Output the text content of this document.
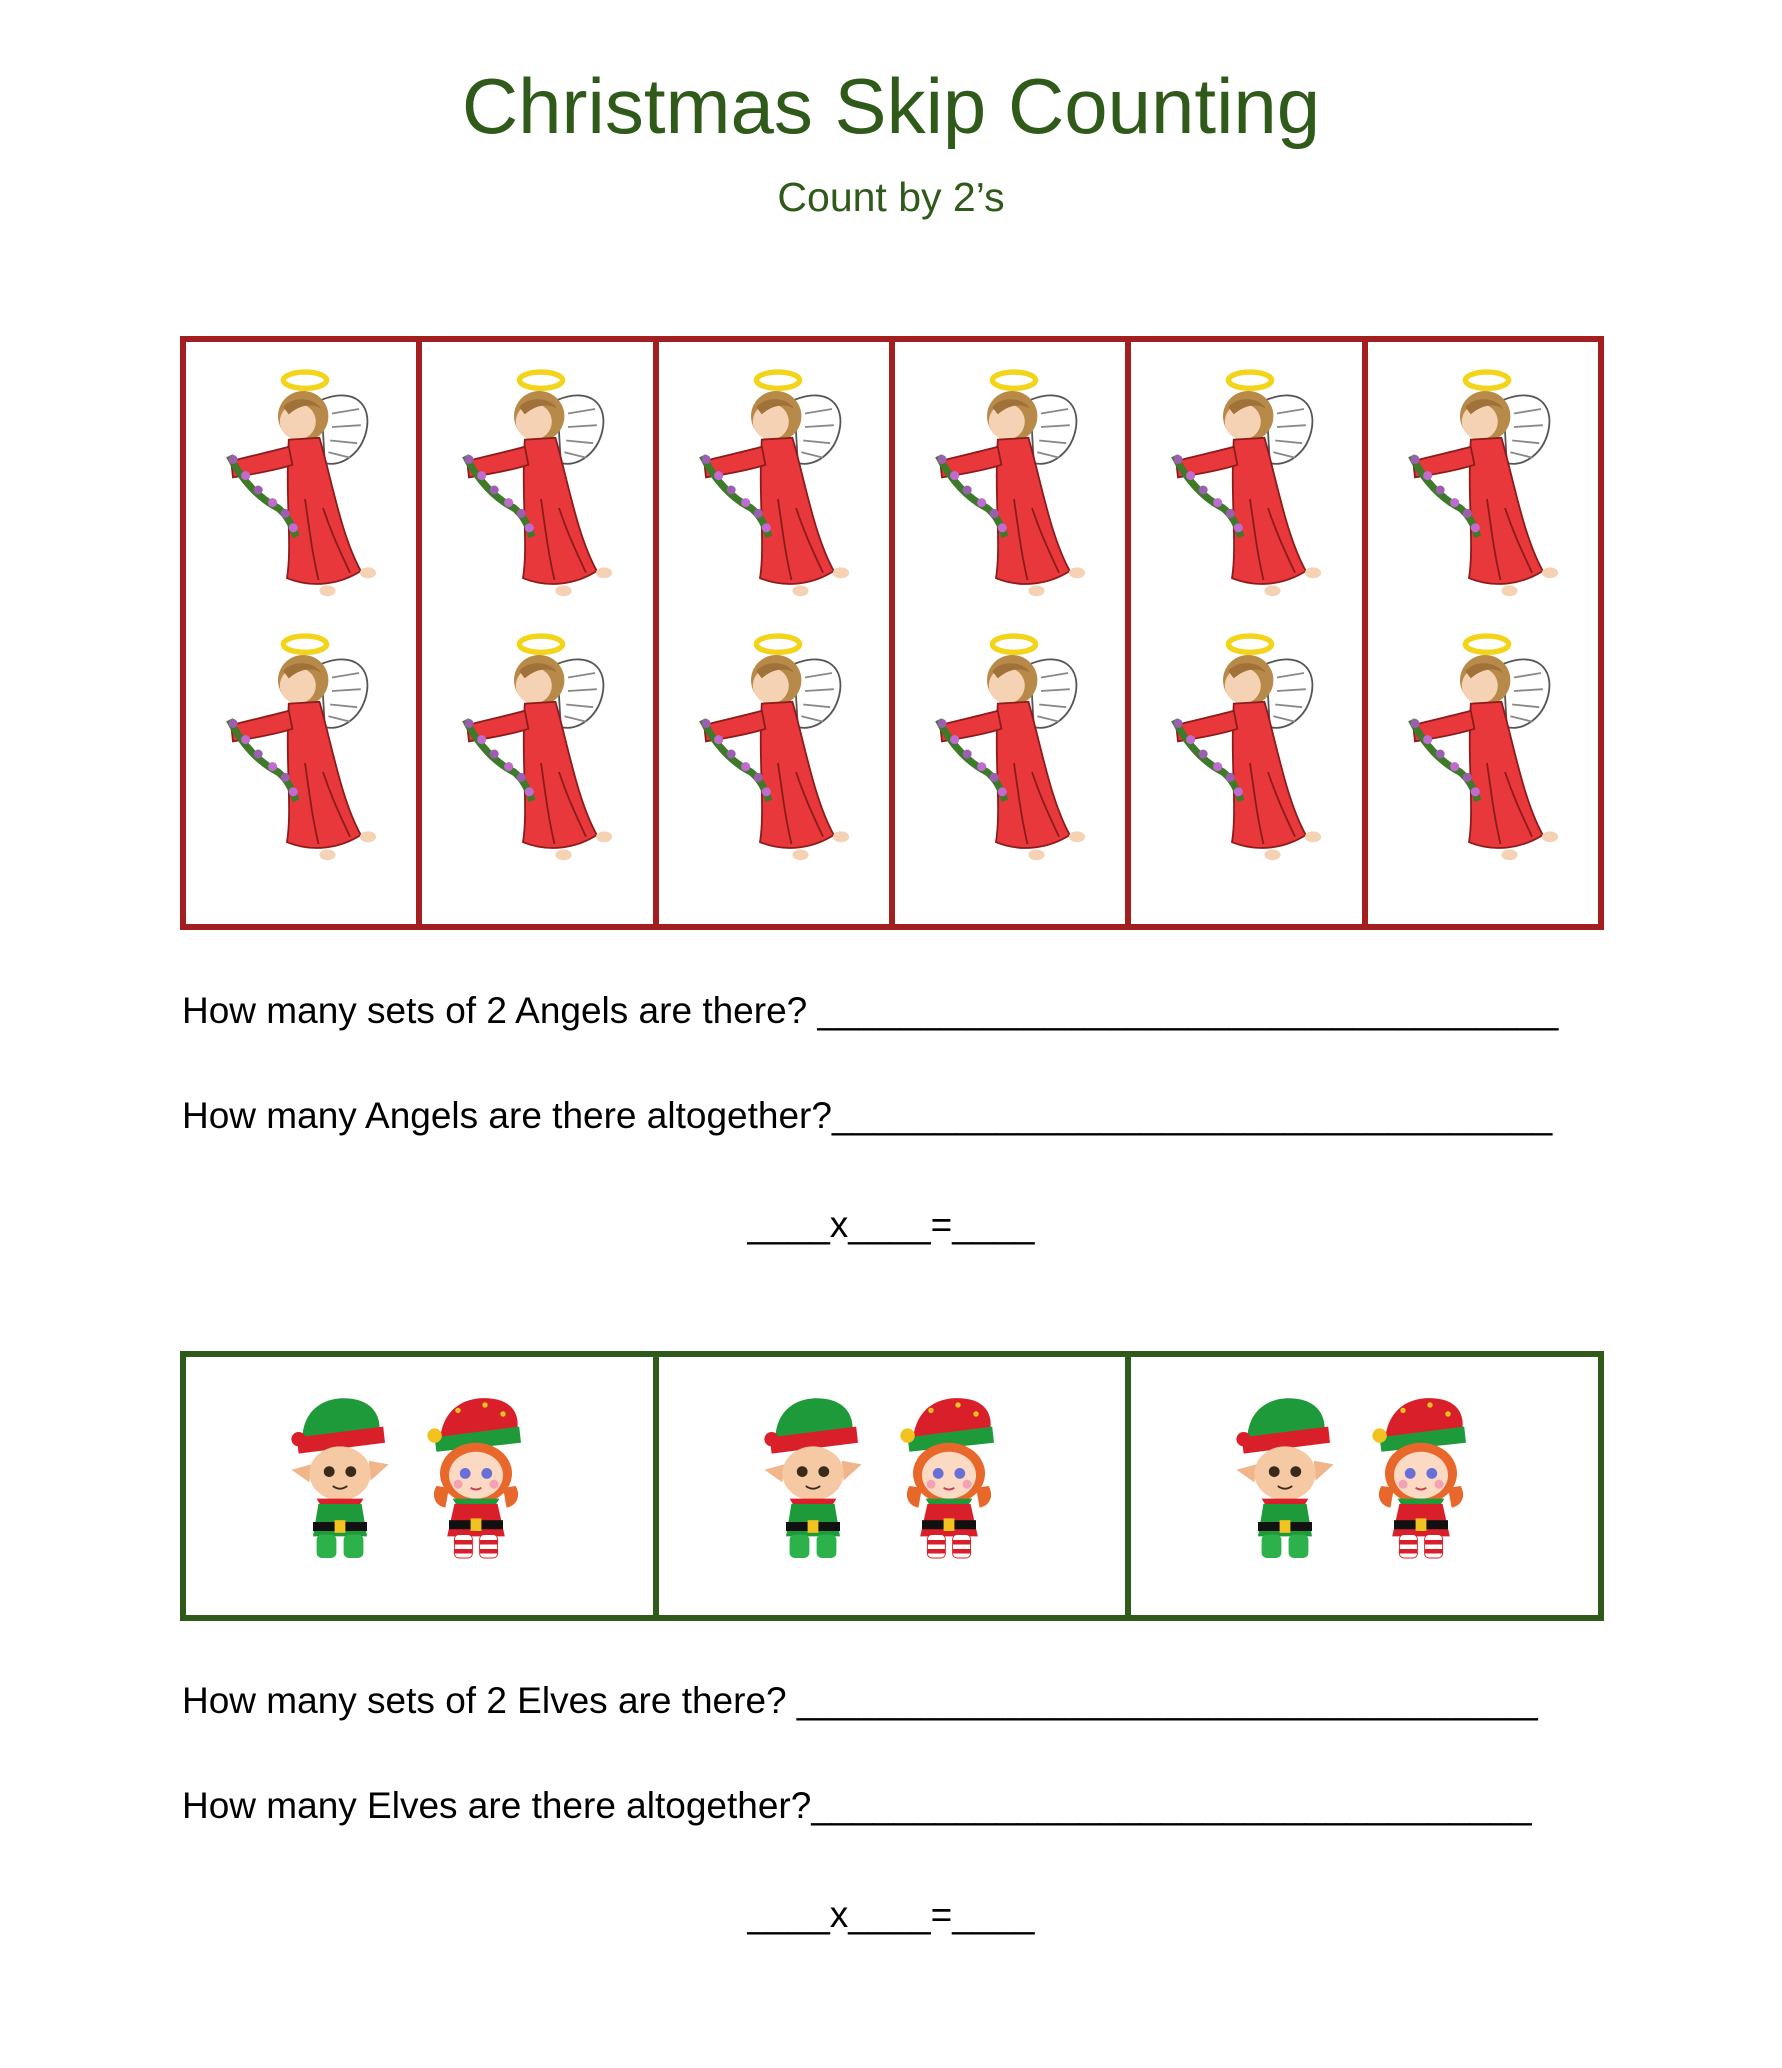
Christmas Skip Counting
Count by 2’s
How many sets of 2 Angels are there? ____________________________________
How many Angels are there altogether?___________________________________
____x____=____
How many sets of 2 Elves are there? ____________________________________
How many Elves are there altogether?___________________________________
____x____=____
